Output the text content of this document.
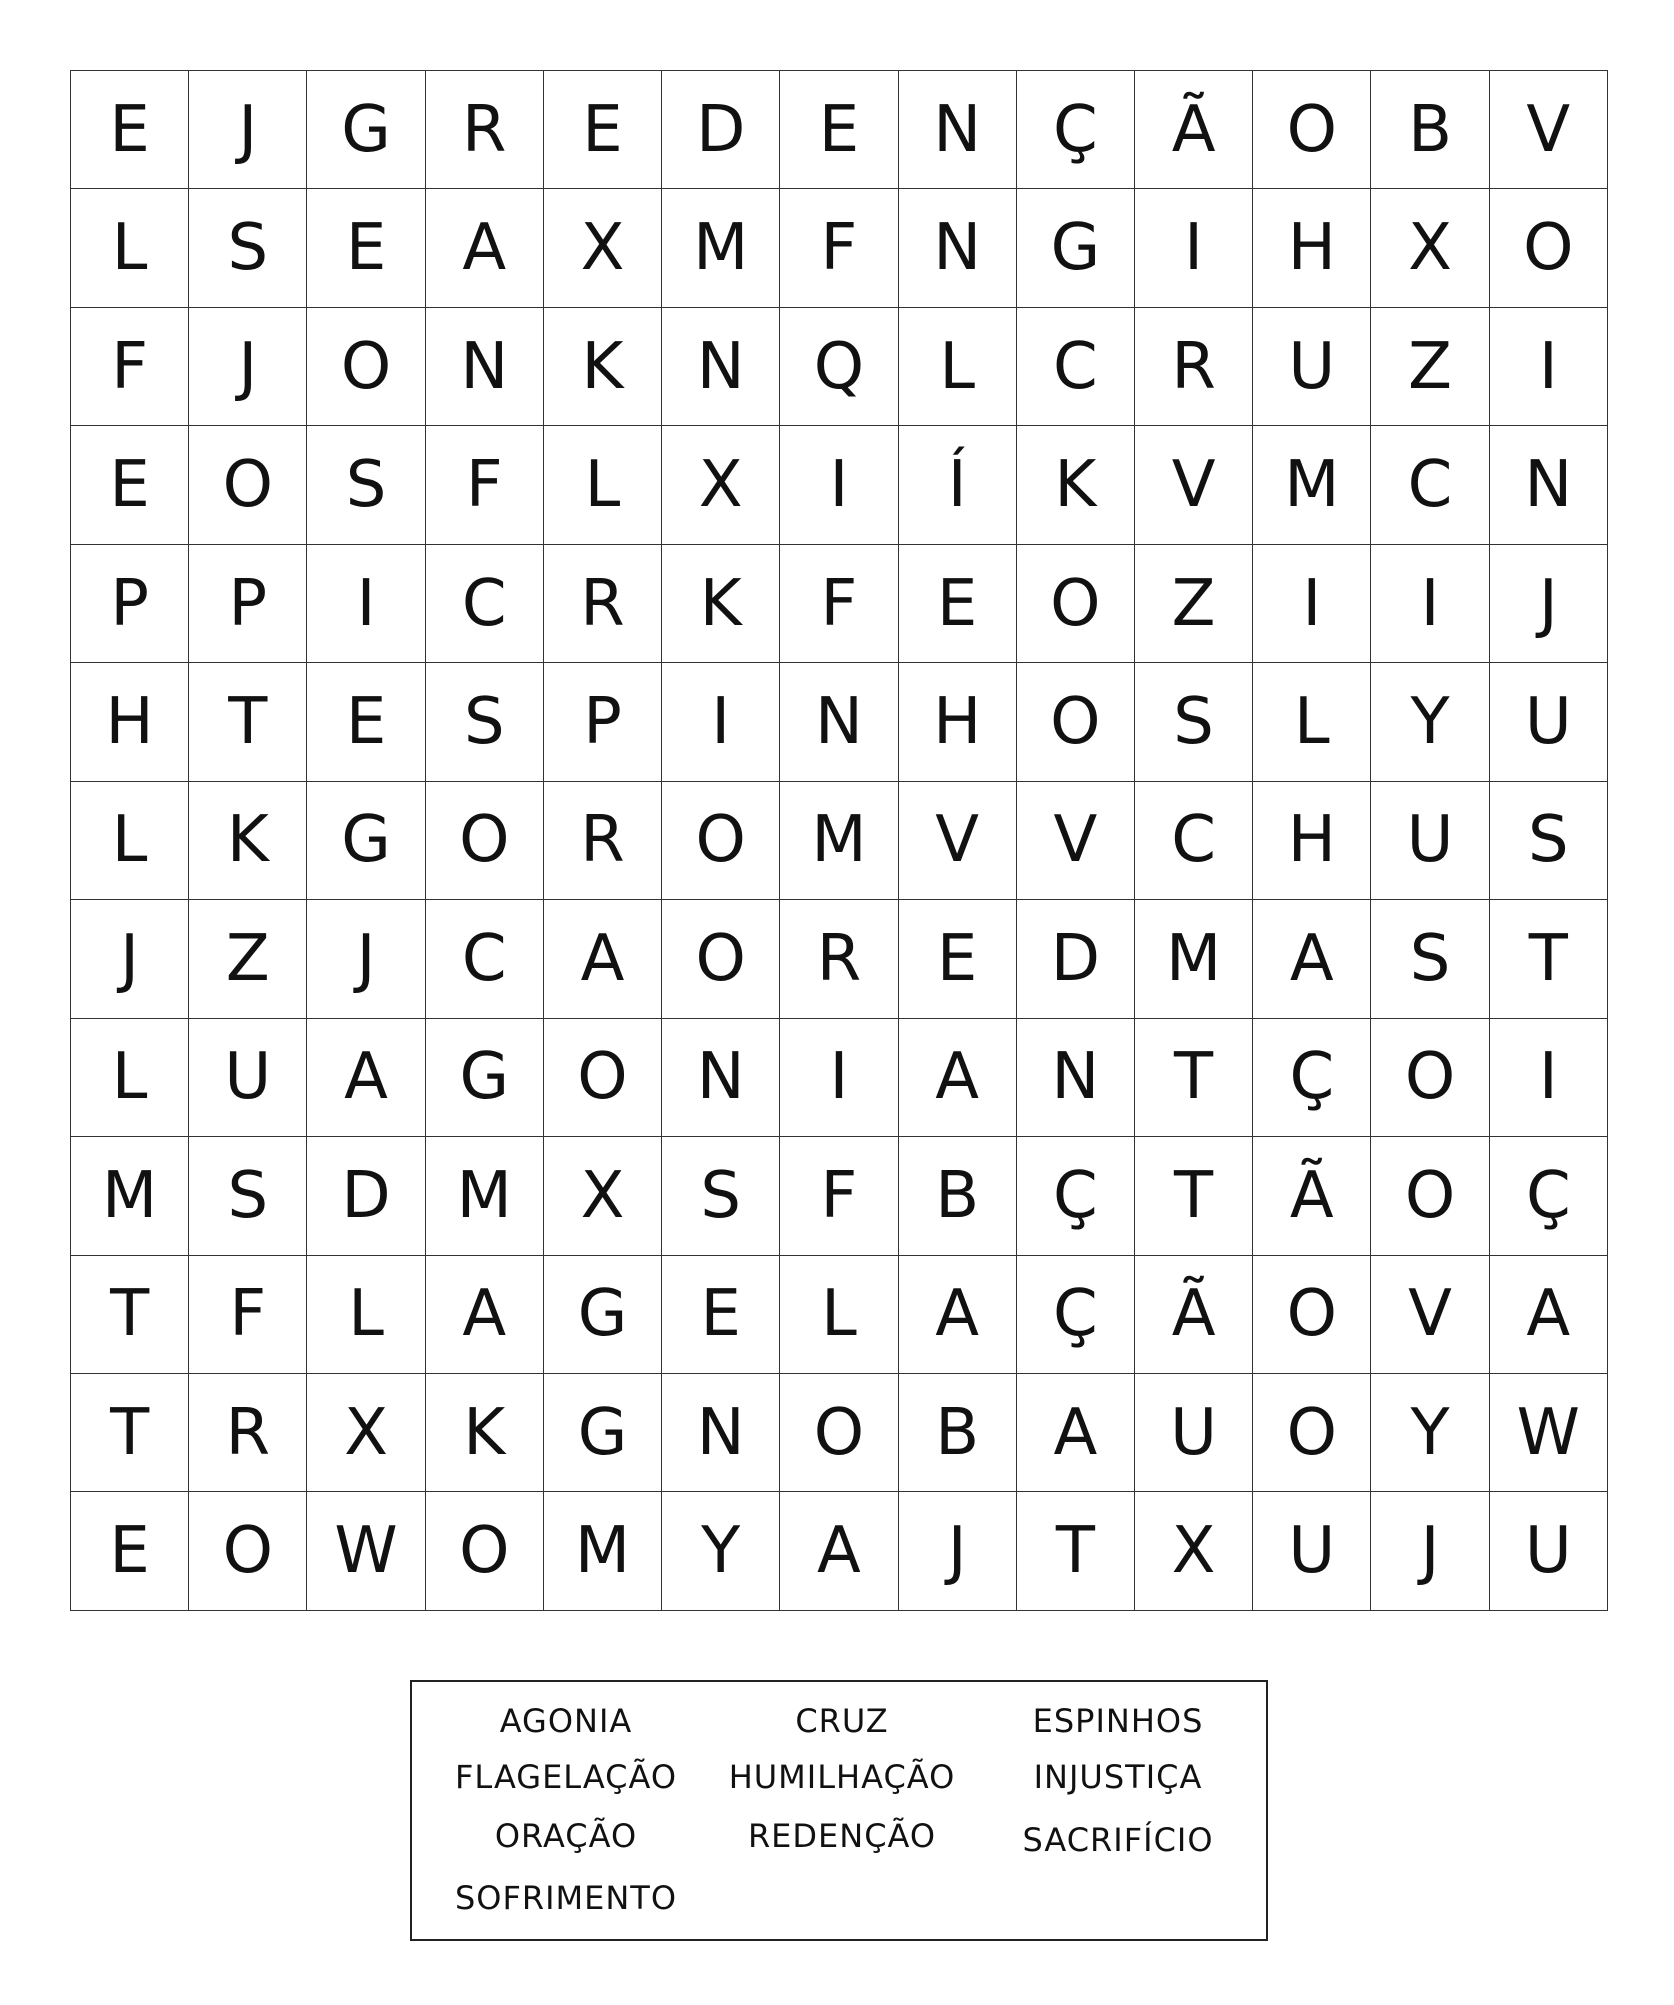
E	J	G	R	E	D	E	N	Ç	Ã	O	B	V
L	S	E	A	X	M	F	N	G	I	H	X	O
F	J	O	N	K	N	Q	L	C	R	U	Z	I
E	O	S	F	L	X	I	Í	K	V	M	C	N
P	P	I	C	R	K	F	E	O	Z	I	I	J
H	T	E	S	P	I	N	H	O	S	L	Y	U
L	K	G	O	R	O	M	V	V	C	H	U	S
J	Z	J	C	A	O	R	E	D	M	A	S	T
L	U	A	G	O	N	I	A	N	T	Ç	O	I
M	S	D	M	X	S	F	B	Ç	T	Ã	O	Ç
T	F	L	A	G	E	L	A	Ç	Ã	O	V	A
T	R	X	K	G	N	O	B	A	U	O	Y	W
E	O	W	O	M	Y	A	J	T	X	U	J	U
AGONIA	CRUZ	ESPINHOS
FLAGELAÇÃO	HUMILHAÇÃO	INJUSTIÇA
ORAÇÃO	REDENÇÃO	SACRIFÍCIO
SOFRIMENTO
